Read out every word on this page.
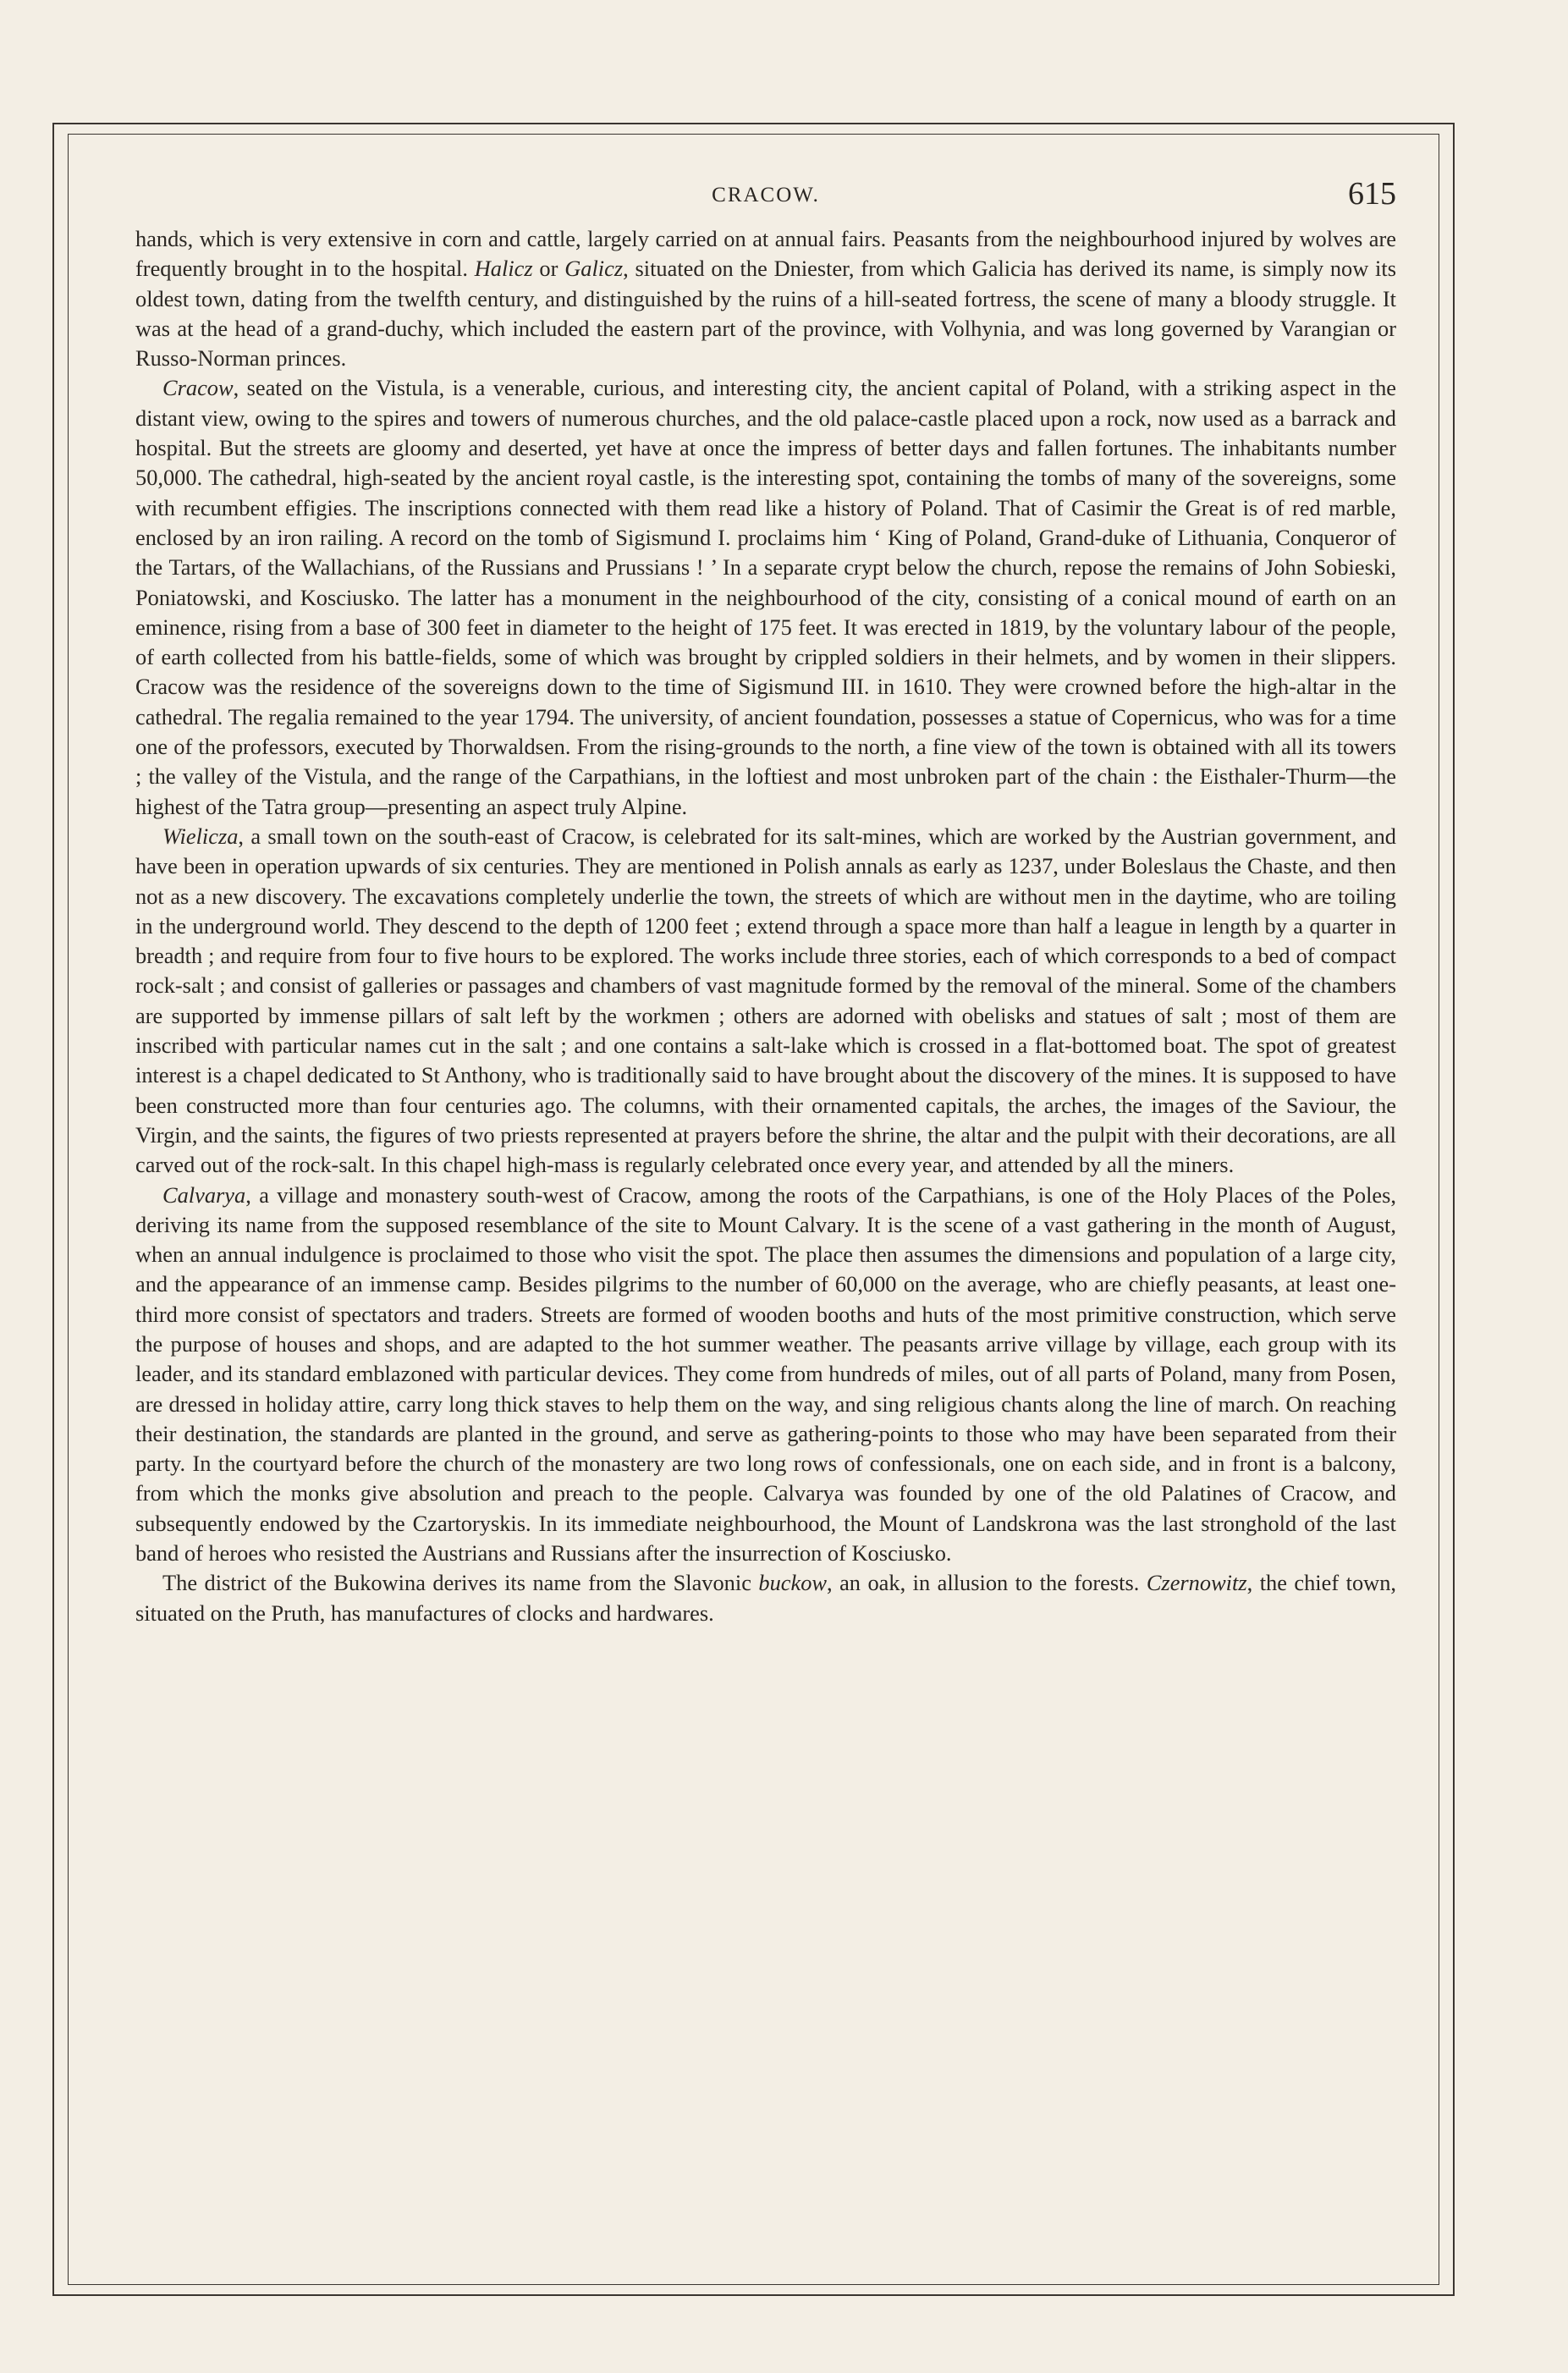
CRACOW.	615

hands, which is very extensive in corn and cattle, largely carried on at annual fairs. Peasants from the neighbourhood injured by wolves are frequently brought in to the hospital. Halicz or Galicz, situated on the Dniester, from which Galicia has derived its name, is simply now its oldest town, dating from the twelfth century, and distinguished by the ruins of a hill-seated fortress, the scene of many a bloody struggle. It was at the head of a grand-duchy, which included the eastern part of the province, with Volhynia, and was long governed by Varangian or Russo-Norman princes.

Cracow, seated on the Vistula, is a venerable, curious, and interesting city, the ancient capital of Poland, with a striking aspect in the distant view, owing to the spires and towers of numerous churches, and the old palace-castle placed upon a rock, now used as a barrack and hospital. But the streets are gloomy and deserted, yet have at once the impress of better days and fallen fortunes. The inhabitants number 50,000. The cathedral, high-seated by the ancient royal castle, is the interesting spot, containing the tombs of many of the sovereigns, some with recumbent effigies. The inscriptions connected with them read like a history of Poland. That of Casimir the Great is of red marble, enclosed by an iron railing. A record on the tomb of Sigismund I. proclaims him ‘ King of Poland, Grand-duke of Lithuania, Conqueror of the Tartars, of the Wallachians, of the Russians and Prussians ! ’ In a separate crypt below the church, repose the remains of John Sobieski, Poniatowski, and Kosciusko. The latter has a monument in the neighbourhood of the city, consisting of a conical mound of earth on an eminence, rising from a base of 300 feet in diameter to the height of 175 feet. It was erected in 1819, by the voluntary labour of the people, of earth collected from his battle-fields, some of which was brought by crippled soldiers in their helmets, and by women in their slippers. Cracow was the residence of the sovereigns down to the time of Sigismund III. in 1610. They were crowned before the high-altar in the cathedral. The regalia remained to the year 1794. The university, of ancient foundation, possesses a statue of Copernicus, who was for a time one of the professors, executed by Thorwaldsen. From the rising-grounds to the north, a fine view of the town is obtained with all its towers ; the valley of the Vistula, and the range of the Carpathians, in the loftiest and most unbroken part of the chain : the Eisthaler-Thurm—the highest of the Tatra group—presenting an aspect truly Alpine.

Wielicza, a small town on the south-east of Cracow, is celebrated for its salt-mines, which are worked by the Austrian government, and have been in operation upwards of six centuries. They are mentioned in Polish annals as early as 1237, under Boleslaus the Chaste, and then not as a new discovery. The excavations completely underlie the town, the streets of which are without men in the daytime, who are toiling in the underground world. They descend to the depth of 1200 feet ; extend through a space more than half a league in length by a quarter in breadth ; and require from four to five hours to be explored. The works include three stories, each of which corresponds to a bed of compact rock-salt ; and consist of galleries or passages and chambers of vast magnitude formed by the removal of the mineral. Some of the chambers are supported by immense pillars of salt left by the workmen ; others are adorned with obelisks and statues of salt ; most of them are inscribed with particular names cut in the salt ; and one contains a salt-lake which is crossed in a flat-bottomed boat. The spot of greatest interest is a chapel dedicated to St Anthony, who is traditionally said to have brought about the discovery of the mines. It is supposed to have been constructed more than four centuries ago. The columns, with their ornamented capitals, the arches, the images of the Saviour, the Virgin, and the saints, the figures of two priests represented at prayers before the shrine, the altar and the pulpit with their decorations, are all carved out of the rock-salt. In this chapel high-mass is regularly celebrated once every year, and attended by all the miners.

Calvarya, a village and monastery south-west of Cracow, among the roots of the Carpathians, is one of the Holy Places of the Poles, deriving its name from the supposed resemblance of the site to Mount Calvary. It is the scene of a vast gathering in the month of August, when an annual indulgence is proclaimed to those who visit the spot. The place then assumes the dimensions and population of a large city, and the appearance of an immense camp. Besides pilgrims to the number of 60,000 on the average, who are chiefly peasants, at least one-third more consist of spectators and traders. Streets are formed of wooden booths and huts of the most primitive construction, which serve the purpose of houses and shops, and are adapted to the hot summer weather. The peasants arrive village by village, each group with its leader, and its standard emblazoned with particular devices. They come from hundreds of miles, out of all parts of Poland, many from Posen, are dressed in holiday attire, carry long thick staves to help them on the way, and sing religious chants along the line of march. On reaching their destination, the standards are planted in the ground, and serve as gathering-points to those who may have been separated from their party. In the courtyard before the church of the monastery are two long rows of confessionals, one on each side, and in front is a balcony, from which the monks give absolution and preach to the people. Calvarya was founded by one of the old Palatines of Cracow, and subsequently endowed by the Czartoryskis. In its immediate neighbourhood, the Mount of Landskrona was the last stronghold of the last band of heroes who resisted the Austrians and Russians after the insurrection of Kosciusko.

The district of the Bukowina derives its name from the Slavonic buckow, an oak, in allusion to the forests. Czernowitz, the chief town, situated on the Pruth, has manufactures of clocks and hardwares.
